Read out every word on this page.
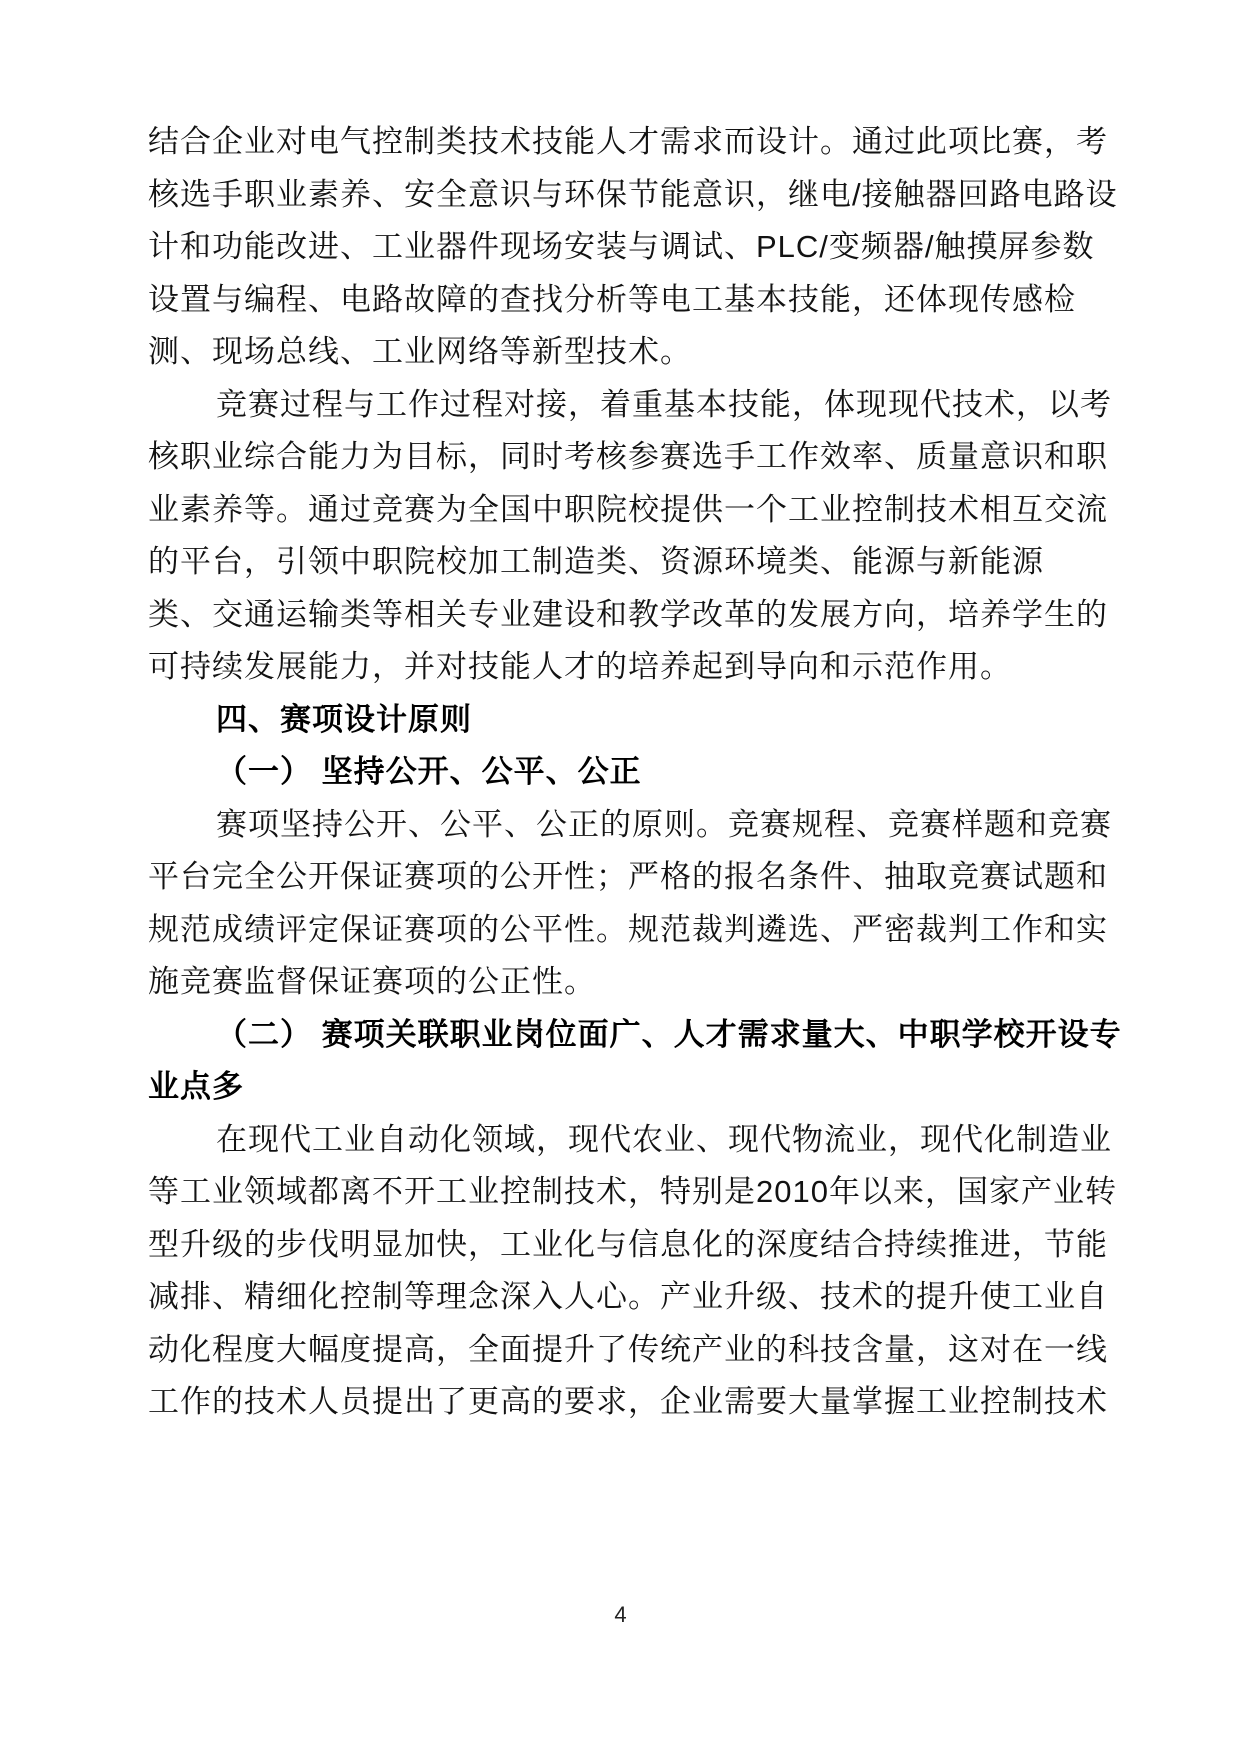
结合企业对电气控制类技术技能人才需求而设计。通过此项比赛，考
核选手职业素养、安全意识与环保节能意识，继电/接触器回路电路设
计和功能改进、工业器件现场安装与调试、PLC/变频器/触摸屏参数
设置与编程、电路故障的查找分析等电工基本技能，还体现传感检
测、现场总线、工业网络等新型技术。
竞赛过程与工作过程对接，着重基本技能，体现现代技术，以考
核职业综合能力为目标，同时考核参赛选手工作效率、质量意识和职
业素养等。通过竞赛为全国中职院校提供一个工业控制技术相互交流
的平台，引领中职院校加工制造类、资源环境类、能源与新能源
类、交通运输类等相关专业建设和教学改革的发展方向，培养学生的
可持续发展能力，并对技能人才的培养起到导向和示范作用。
四、赛项设计原则
（一） 坚持公开、公平、公正
赛项坚持公开、公平、公正的原则。竞赛规程、竞赛样题和竞赛
平台完全公开保证赛项的公开性；严格的报名条件、抽取竞赛试题和
规范成绩评定保证赛项的公平性。规范裁判遴选、严密裁判工作和实
施竞赛监督保证赛项的公正性。
（二） 赛项关联职业岗位面广、人才需求量大、中职学校开设专
业点多
在现代工业自动化领域，现代农业、现代物流业，现代化制造业
等工业领域都离不开工业控制技术，特别是2010年以来，国家产业转
型升级的步伐明显加快，工业化与信息化的深度结合持续推进，节能
减排、精细化控制等理念深入人心。产业升级、技术的提升使工业自
动化程度大幅度提高，全面提升了传统产业的科技含量，这对在一线
工作的技术人员提出了更高的要求，企业需要大量掌握工业控制技术
4
